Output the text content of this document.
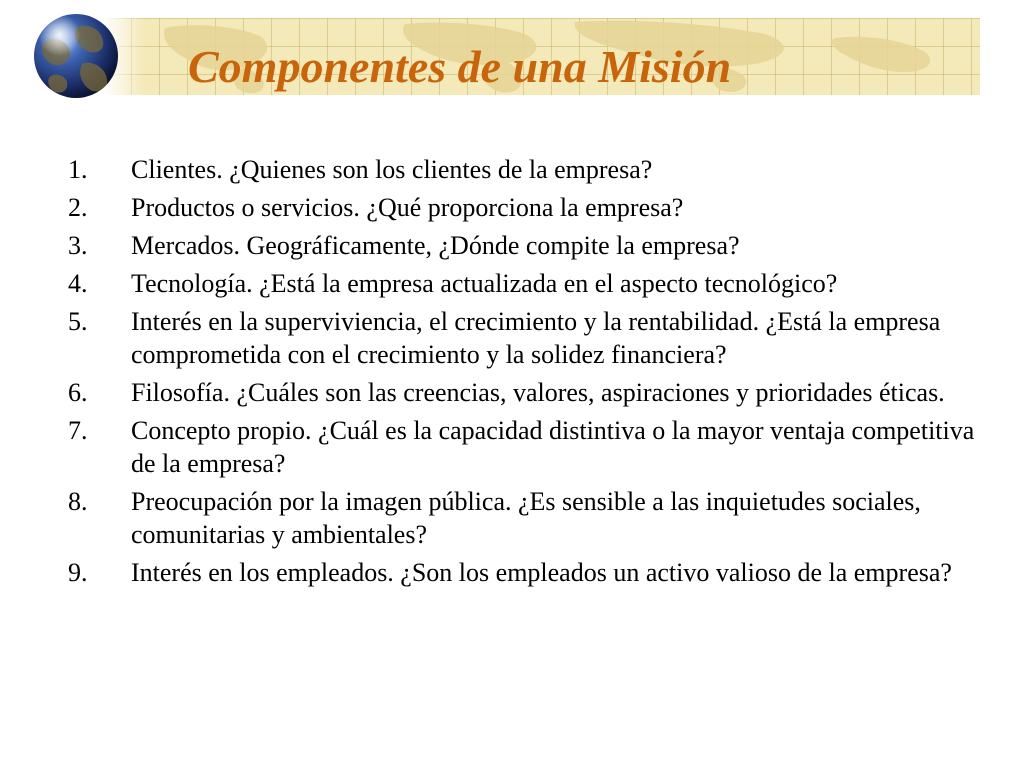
Componentes de una Misión
1.	Clientes. ¿Quienes son los clientes de la empresa?
2.	Productos o servicios. ¿Qué proporciona la empresa?
3.	Mercados. Geográficamente, ¿Dónde compite la empresa?
4.	Tecnología. ¿Está la empresa actualizada en el aspecto tecnológico?
5.	Interés en la superviviencia, el crecimiento y la rentabilidad. ¿Está la empresa comprometida con el crecimiento y la solidez financiera?
6.	Filosofía. ¿Cuáles son las creencias, valores, aspiraciones y prioridades éticas.
7.	Concepto propio. ¿Cuál es la capacidad distintiva o la mayor ventaja competitiva de la empresa?
8.	Preocupación por la imagen pública. ¿Es sensible a las inquietudes sociales, comunitarias y ambientales?
9.	Interés en los empleados. ¿Son los empleados un activo valioso de la empresa?
